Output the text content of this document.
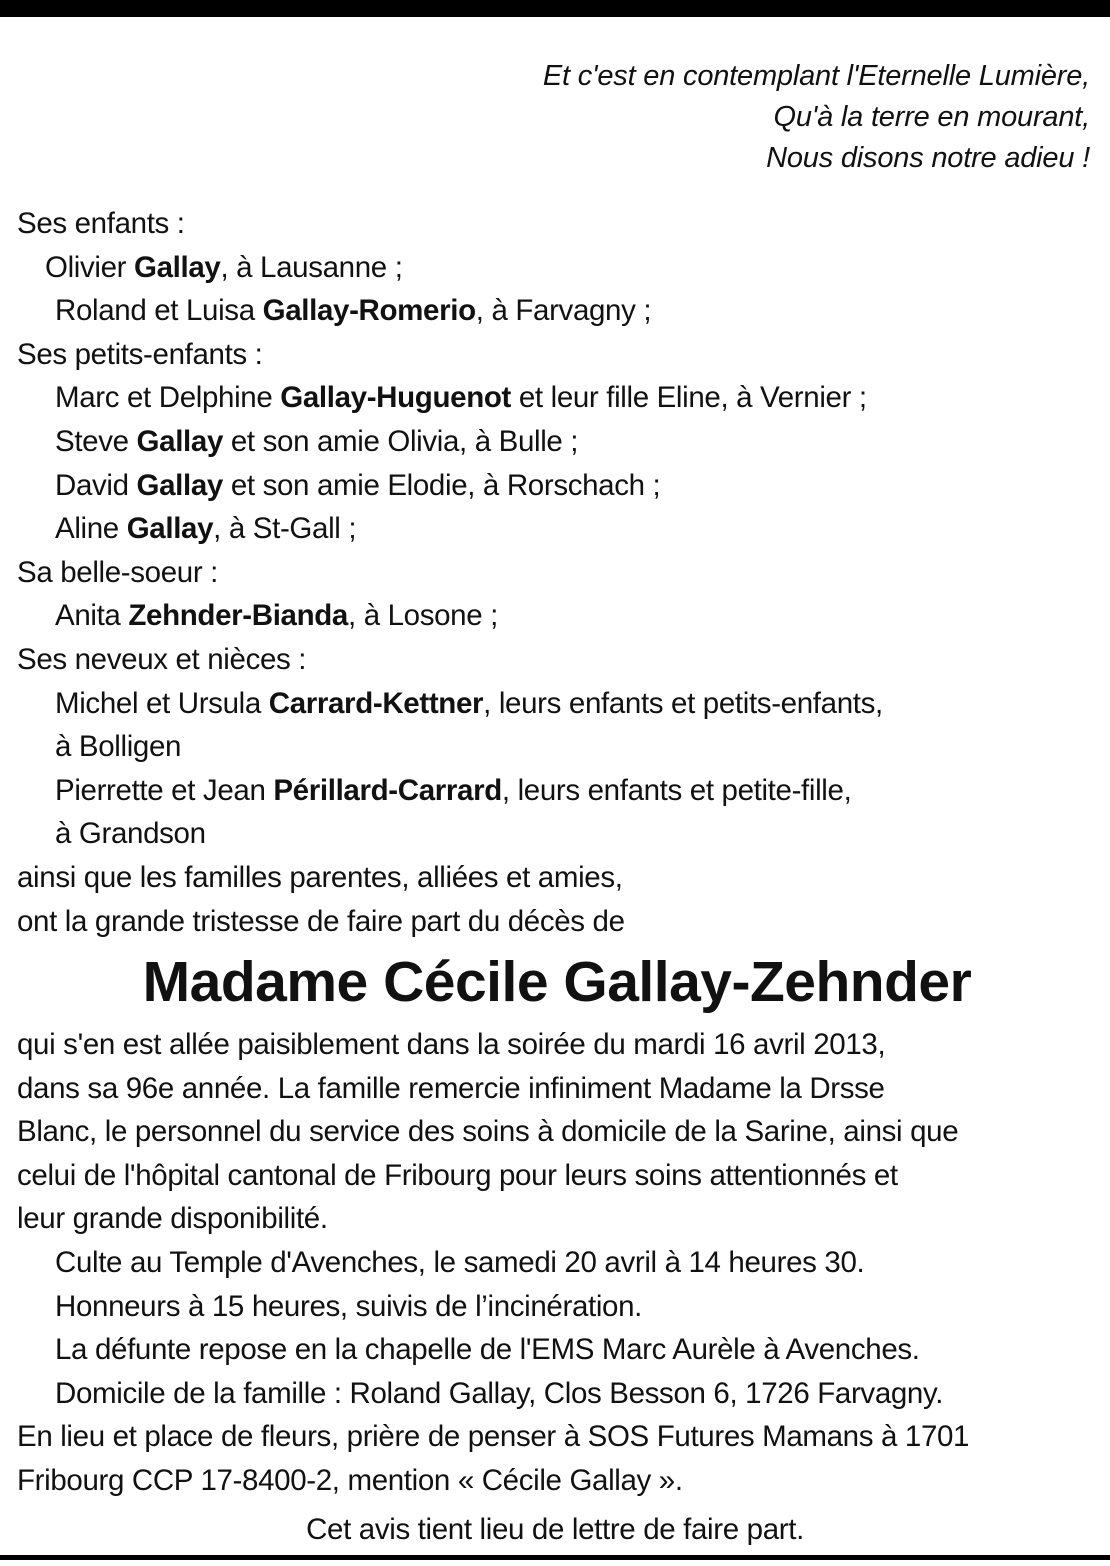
Et c'est en contemplant l'Eternelle Lumière,
Qu'à la terre en mourant,
Nous disons notre adieu !
Ses enfants :
Olivier Gallay, à Lausanne ;
Roland et Luisa Gallay-Romerio, à Farvagny ;
Ses petits-enfants :
Marc et Delphine Gallay-Huguenot et leur fille Eline, à Vernier ;
Steve Gallay et son amie Olivia, à Bulle ;
David Gallay et son amie Elodie, à Rorschach ;
Aline Gallay, à St-Gall ;
Sa belle-soeur :
Anita Zehnder-Bianda, à Losone ;
Ses neveux et nièces :
Michel et Ursula Carrard-Kettner, leurs enfants et petits-enfants,
à Bolligen
Pierrette et Jean Périllard-Carrard, leurs enfants et petite-fille,
à Grandson
ainsi que les familles parentes, alliées et amies,
ont la grande tristesse de faire part du décès de
Madame Cécile Gallay-Zehnder
qui s'en est allée paisiblement dans la soirée du mardi 16 avril 2013,
dans sa 96e année. La famille remercie infiniment Madame la Drsse
Blanc, le personnel du service des soins à domicile de la Sarine, ainsi que
celui de l'hôpital cantonal de Fribourg pour leurs soins attentionnés et
leur grande disponibilité.
Culte au Temple d'Avenches, le samedi 20 avril à 14 heures 30.
Honneurs à 15 heures, suivis de l’incinération.
La défunte repose en la chapelle de l'EMS Marc Aurèle à Avenches.
Domicile de la famille : Roland Gallay, Clos Besson 6, 1726 Farvagny.
En lieu et place de fleurs, prière de penser à SOS Futures Mamans à 1701
Fribourg CCP 17-8400-2, mention « Cécile Gallay ».
Cet avis tient lieu de lettre de faire part.
